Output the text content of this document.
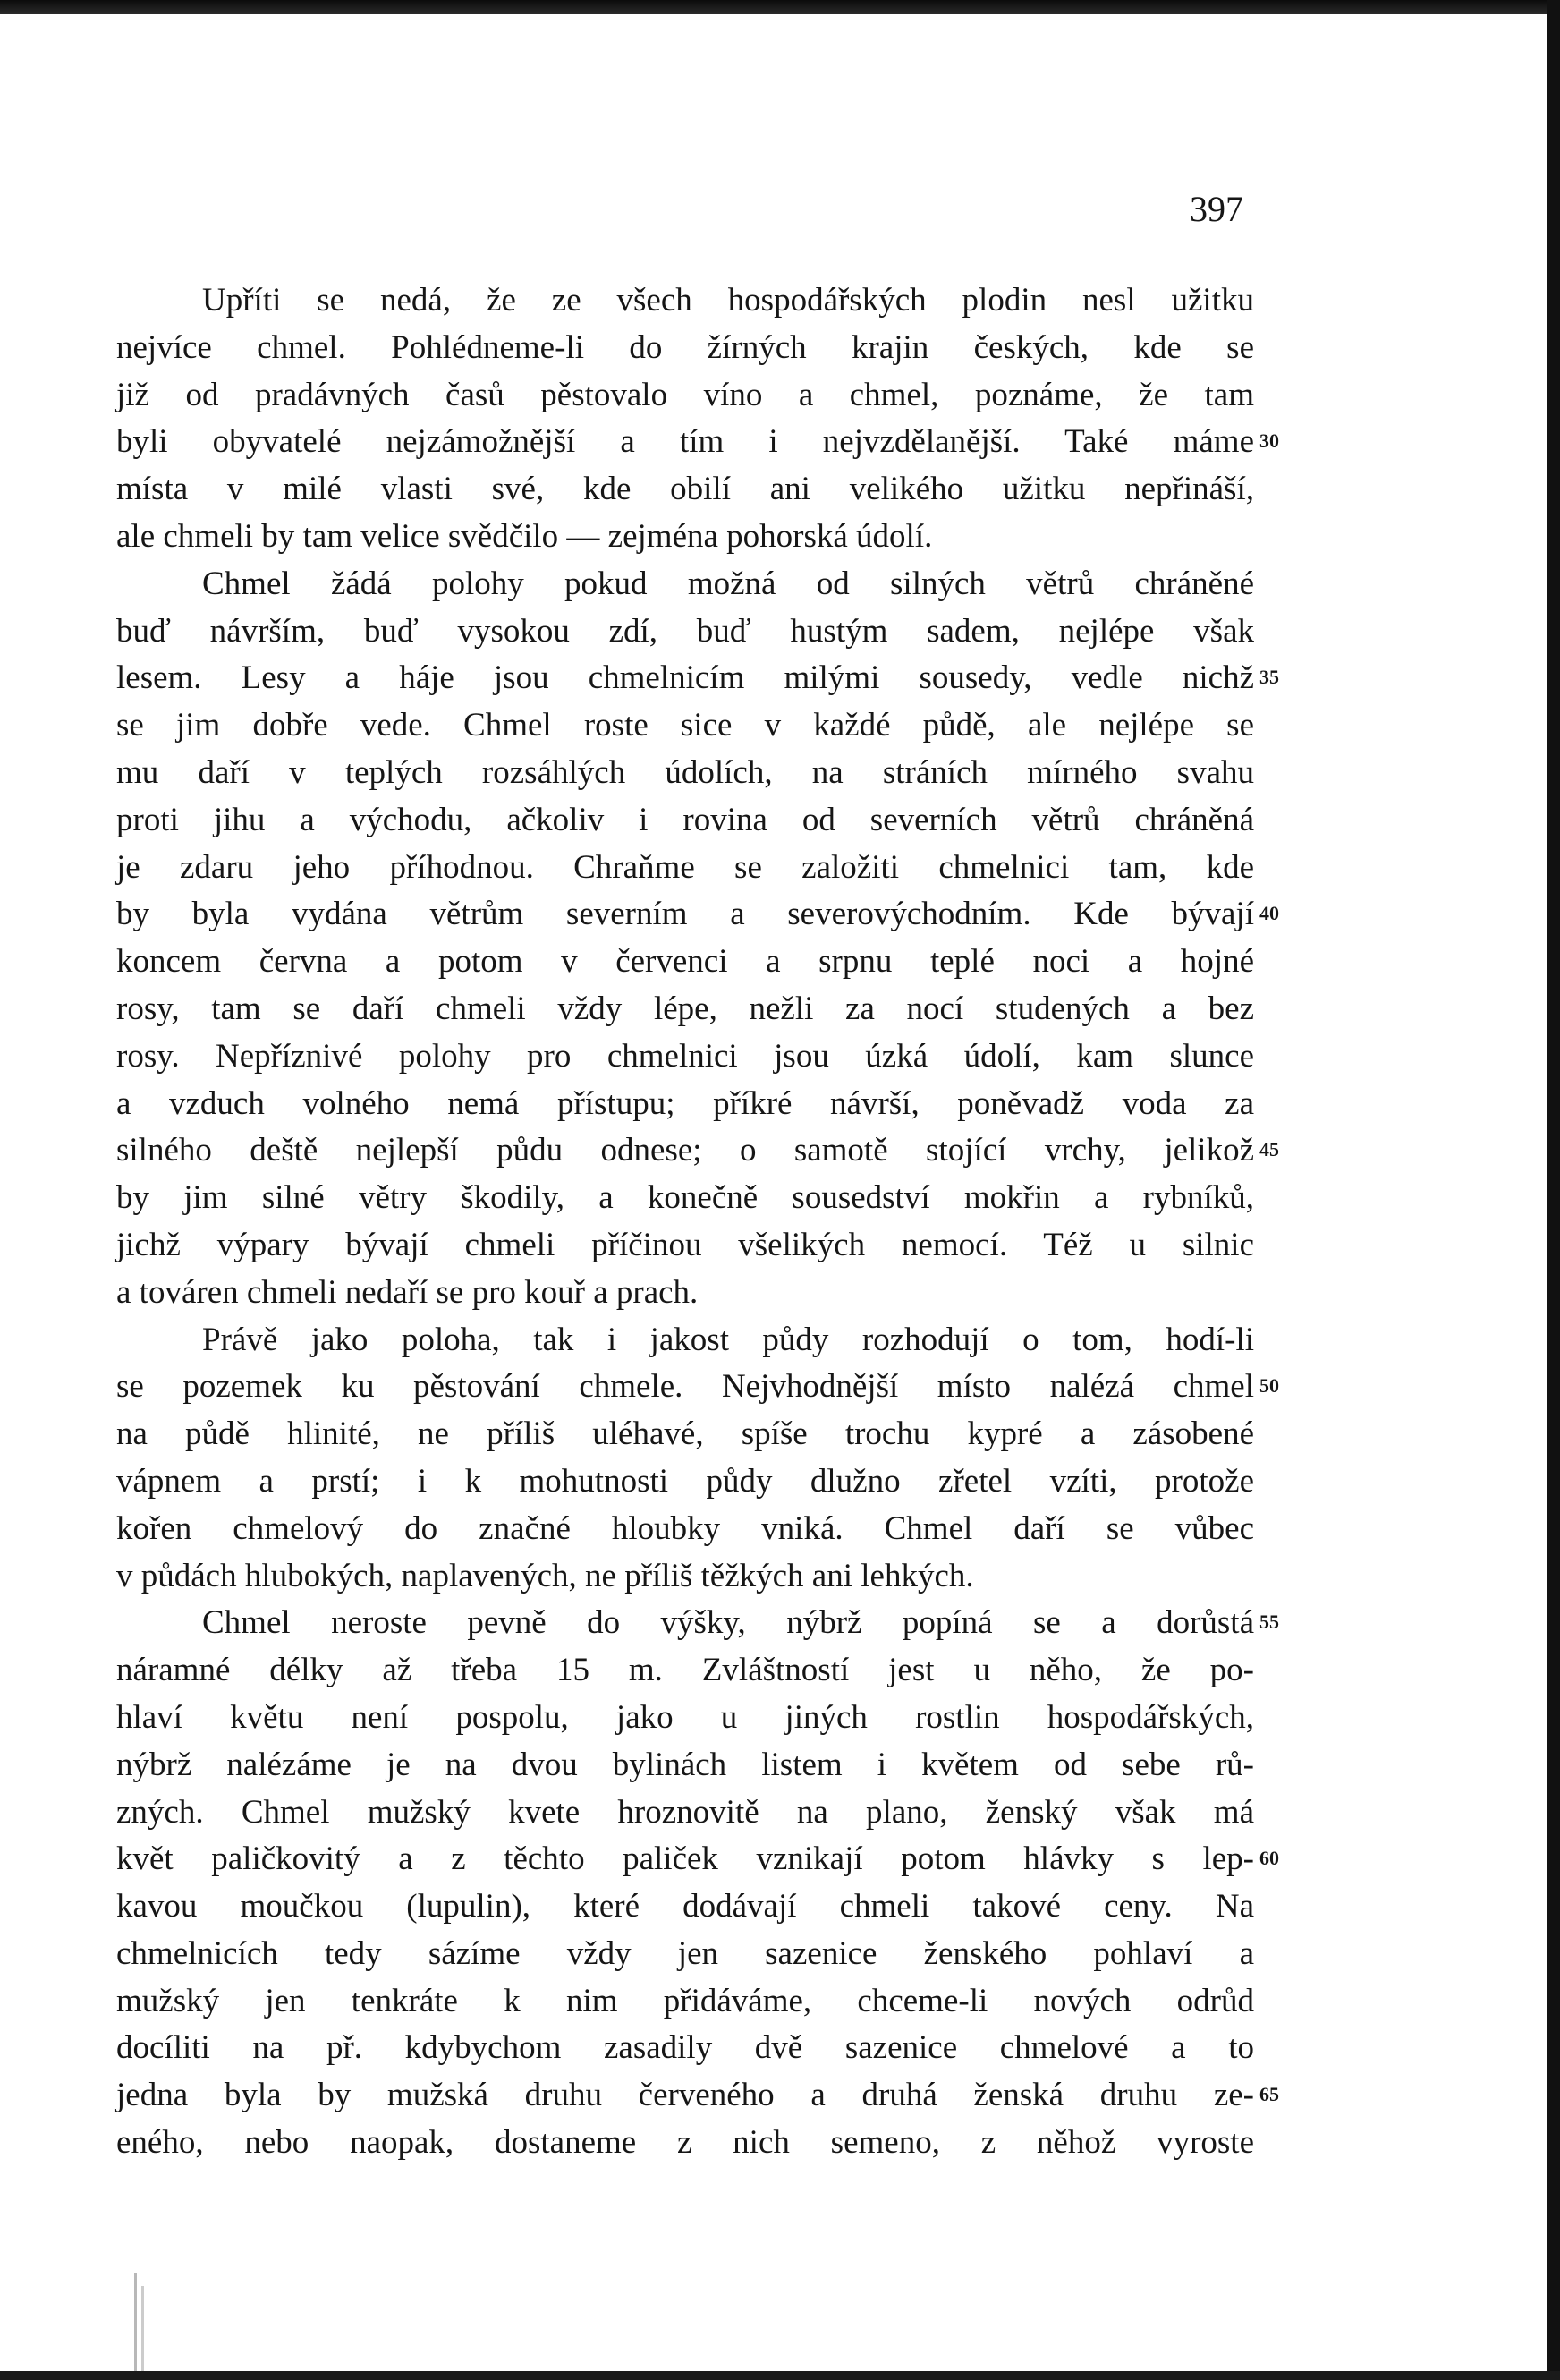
397
Upříti se nedá, že ze všech hospodářských plodin nesl užitku
nejvíce chmel. Pohlédneme-li do žírných krajin českých, kde se
již od pradávných časů pěstovalo víno a chmel, poznáme, že tam
byli obyvatelé nejzámožnější a tím i nejvzdělanější. Také máme 30
místa v milé vlasti své, kde obilí ani velikého užitku nepřináší,
ale chmeli by tam velice svědčilo — zejména pohorská údolí.
Chmel žádá polohy pokud možná od silných větrů chráněné
buď návrším, buď vysokou zdí, buď hustým sadem, nejlépe však
lesem. Lesy a háje jsou chmelnicím milými sousedy, vedle nichž 35
se jim dobře vede. Chmel roste sice v každé půdě, ale nejlépe se
mu daří v teplých rozsáhlých údolích, na stráních mírného svahu
proti jihu a východu, ačkoliv i rovina od severních větrů chráněná
je zdaru jeho příhodnou. Chraňme se založiti chmelnici tam, kde
by byla vydána větrům severním a severovýchodním. Kde bývají 40
koncem června a potom v červenci a srpnu teplé noci a hojné
rosy, tam se daří chmeli vždy lépe, nežli za nocí studených a bez
rosy. Nepříznivé polohy pro chmelnici jsou úzká údolí, kam slunce
a vzduch volného nemá přístupu; příkré návrší, poněvadž voda za
silného deště nejlepší půdu odnese; o samotě stojící vrchy, jelikož 45
by jim silné větry škodily, a konečně sousedství mokřin a rybníků,
jichž výpary bývají chmeli příčinou všelikých nemocí. Též u silnic
a továren chmeli nedaří se pro kouř a prach.
Právě jako poloha, tak i jakost půdy rozhodují o tom, hodí-li
se pozemek ku pěstování chmele. Nejvhodnější místo nalézá chmel 50
na půdě hlinité, ne příliš uléhavé, spíše trochu kypré a zásobené
vápnem a prstí; i k mohutnosti půdy dlužno zřetel vzíti, protože
kořen chmelový do značné hloubky vniká. Chmel daří se vůbec
v půdách hlubokých, naplavených, ne příliš těžkých ani lehkých.
Chmel neroste pevně do výšky, nýbrž popíná se a dorůstá 55
náramné délky až třeba 15 m. Zvláštností jest u něho, že po-
hlaví květu není pospolu, jako u jiných rostlin hospodářských,
nýbrž nalézáme je na dvou bylinách listem i květem od sebe rů-
zných. Chmel mužský kvete hroznovitě na plano, ženský však má
květ paličkovitý a z těchto paliček vznikají potom hlávky s lep- 60
kavou moučkou (lupulin), které dodávají chmeli takové ceny. Na
chmelnicích tedy sázíme vždy jen sazenice ženského pohlaví a
mužský jen tenkráte k nim přidáváme, chceme-li nových odrůd
docíliti na př. kdybychom zasadily dvě sazenice chmelové a to
jedna byla by mužská druhu červeného a druhá ženská druhu ze- 65
eného, nebo naopak, dostaneme z nich semeno, z něhož vyroste
